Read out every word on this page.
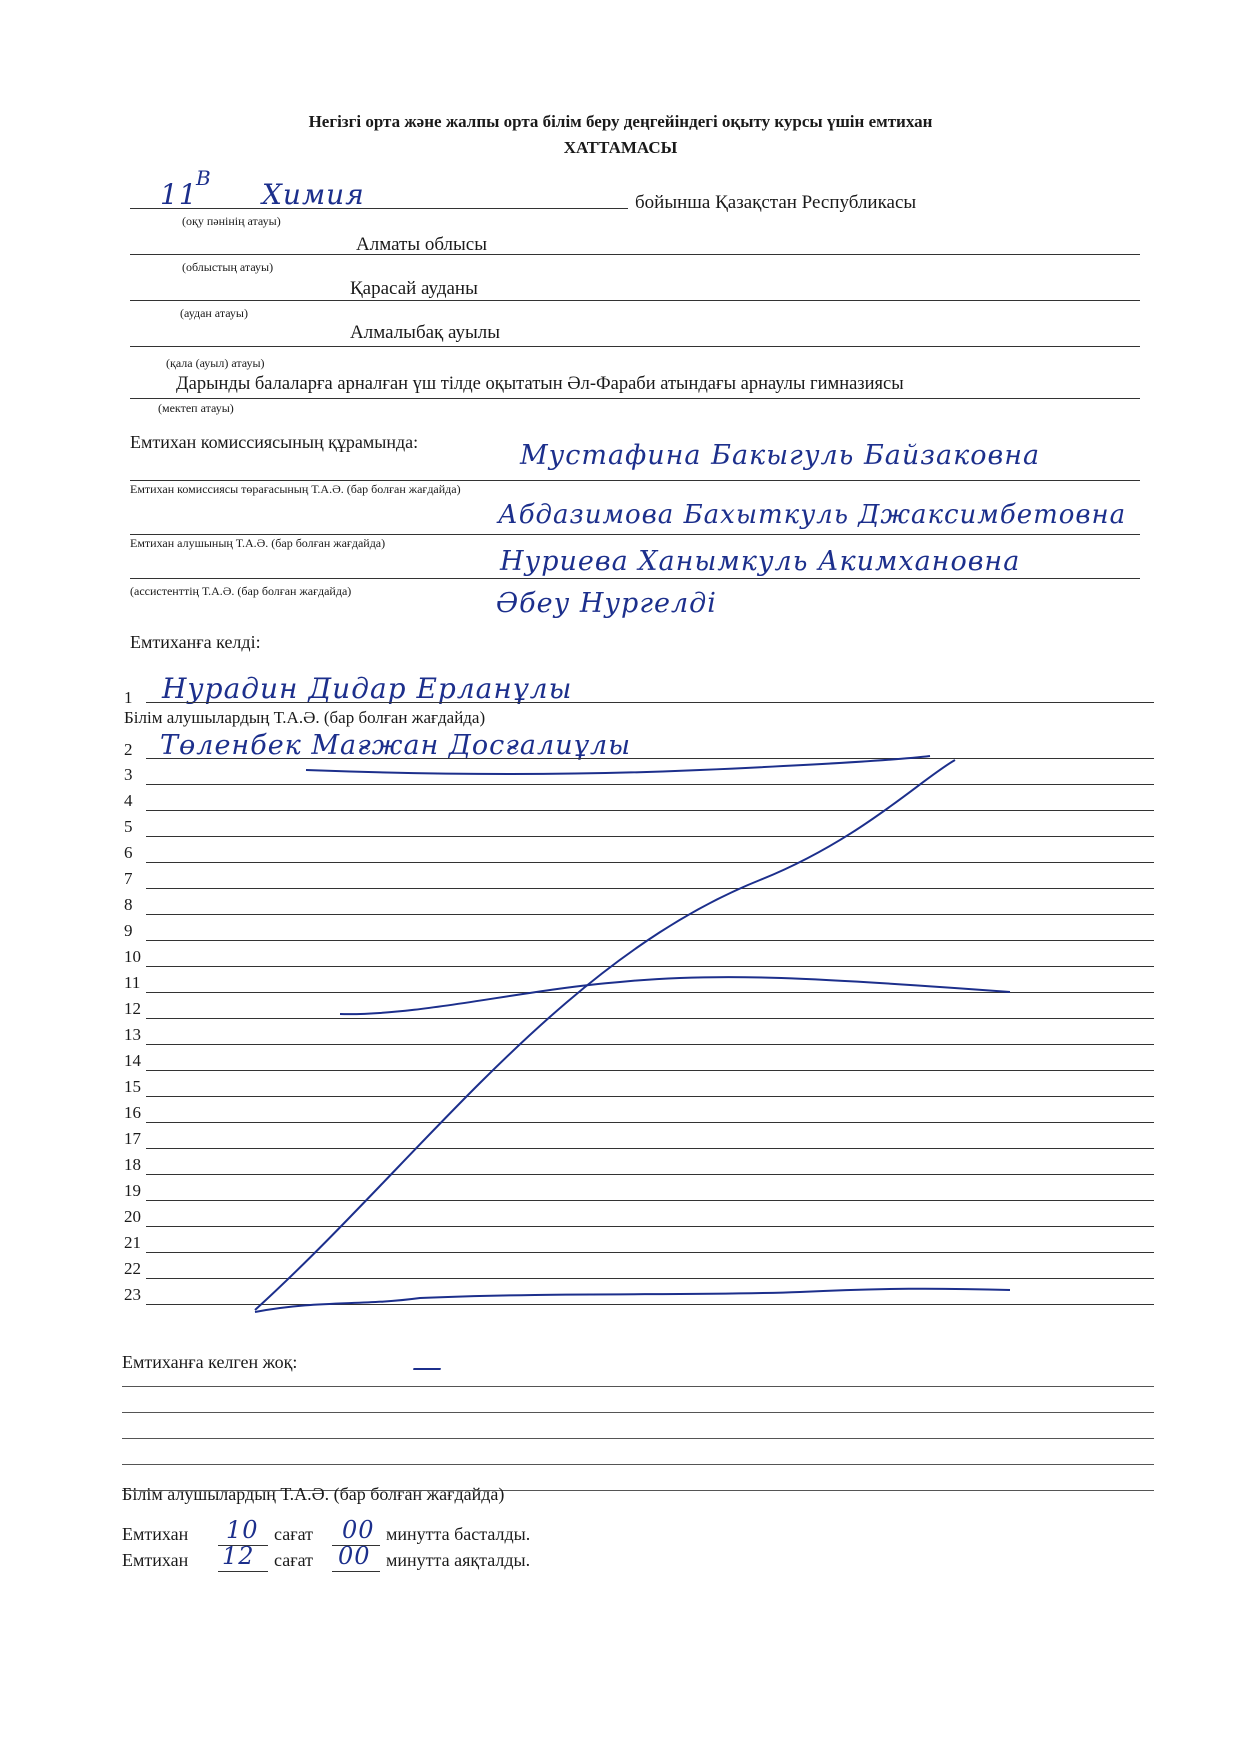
Негізгі орта және жалпы орта білім беру деңгейіндегі оқыту курсы үшін емтихан
ХАТТАМАСЫ
11
В Химия	бойынша Қазақстан Республикасы
(оқу пәнінің атауы)
Алматы облысы
(облыстың атауы)
Қарасай ауданы
(аудан атауы)
Алмалыбақ ауылы
(қала (ауыл) атауы)
Дарынды балаларға арналған үш тілде оқытатын Әл-Фараби атындағы арнаулы гимназиясы
(мектеп атауы)
Емтихан комиссиясының құрамында:	Мустафина Бакыгуль Байзаковна
Емтихан комиссиясы төрағасының Т.А.Ә. (бар болған жағдайда)
Абдазимова Бахыткуль Джаксимбетовна
Емтихан алушының Т.А.Ә. (бар болған жағдайда)
Нуриева Ханымкуль Акимхановна
(ассистенттің Т.А.Ә. (бар болған жағдайда)	Әбеу Нургелді
Емтиханға келді:
1	Нурадин Дидар Ерланұлы
Білім алушылардың Т.А.Ә. (бар болған жағдайда)
2	Төленбек Мағжан Досғалиұлы
3
4
5
6
7
8
9
10
11
12
13
14
15
16
17
18
19
20
21
22
23
Емтиханға келген жоқ:	—
Білім алушылардың Т.А.Ә. (бар болған жағдайда)
Емтихан 10 сағат 00 минутта басталды.
Емтихан 12 сағат 00 минутта аяқталды.
